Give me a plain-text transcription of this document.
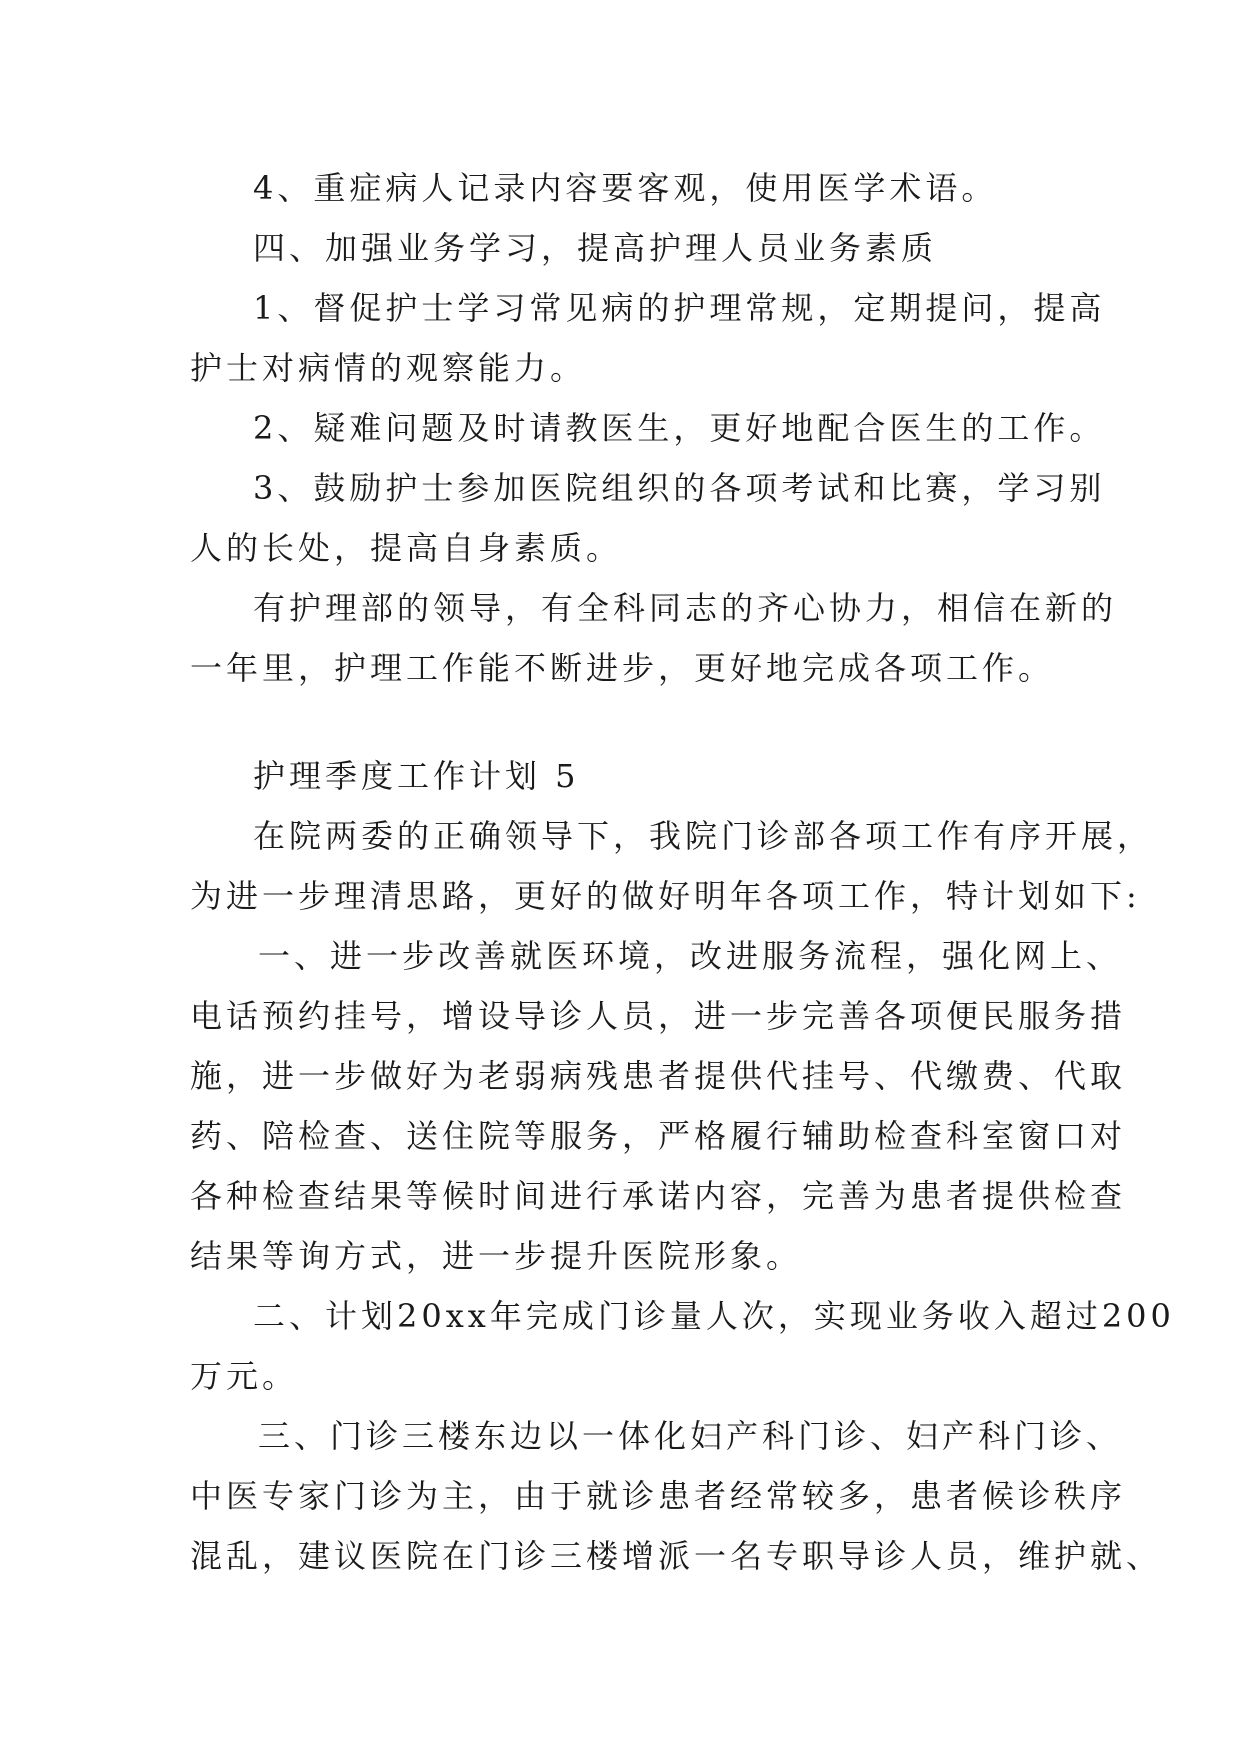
4、重症病人记录内容要客观，使用医学术语。
四、加强业务学习，提高护理人员业务素质
1、督促护士学习常见病的护理常规，定期提问，提高
护士对病情的观察能力。
2、疑难问题及时请教医生，更好地配合医生的工作。
3、鼓励护士参加医院组织的各项考试和比赛，学习别
人的长处，提高自身素质。
有护理部的领导，有全科同志的齐心协力，相信在新的
一年里，护理工作能不断进步，更好地完成各项工作。
护理季度工作计划 5
在院两委的正确领导下，我院门诊部各项工作有序开展，
为进一步理清思路，更好的做好明年各项工作，特计划如下:
一、进一步改善就医环境，改进服务流程，强化网上、
电话预约挂号，增设导诊人员，进一步完善各项便民服务措
施，进一步做好为老弱病残患者提供代挂号、代缴费、代取
药、陪检查、送住院等服务，严格履行辅助检查科室窗口对
各种检查结果等候时间进行承诺内容，完善为患者提供检查
结果等询方式，进一步提升医院形象。
二、计划20xx年完成门诊量人次，实现业务收入超过200
万元。
三、门诊三楼东边以一体化妇产科门诊、妇产科门诊、
中医专家门诊为主，由于就诊患者经常较多，患者候诊秩序
混乱，建议医院在门诊三楼增派一名专职导诊人员，维护就、
